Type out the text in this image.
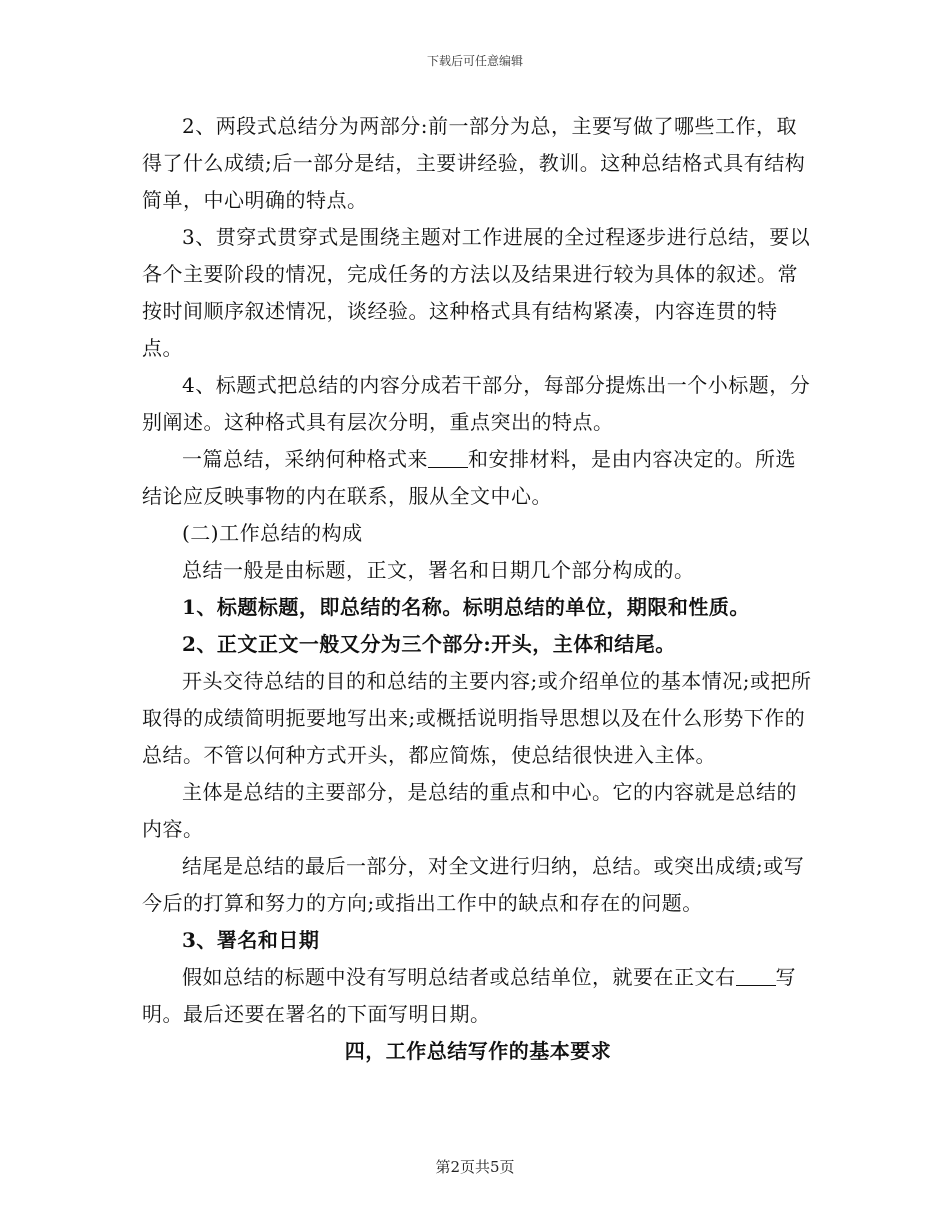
下载后可任意编辑

2、两段式总结分为两部分:前一部分为总，主要写做了哪些工作，取得了什么成绩;后一部分是结，主要讲经验，教训。这种总结格式具有结构简单，中心明确的特点。

3、贯穿式贯穿式是围绕主题对工作进展的全过程逐步进行总结，要以各个主要阶段的情况，完成任务的方法以及结果进行较为具体的叙述。常按时间顺序叙述情况，谈经验。这种格式具有结构紧凑，内容连贯的特点。

4、标题式把总结的内容分成若干部分，每部分提炼出一个小标题，分别阐述。这种格式具有层次分明，重点突出的特点。

一篇总结，采纳何种格式来 和安排材料，是由内容决定的。所选结论应反映事物的内在联系，服从全文中心。

(二)工作总结的构成

总结一般是由标题，正文，署名和日期几个部分构成的。

1、标题标题，即总结的名称。标明总结的单位，期限和性质。

2、正文正文一般又分为三个部分:开头，主体和结尾。

开头交待总结的目的和总结的主要内容;或介绍单位的基本情况;或把所取得的成绩简明扼要地写出来;或概括说明指导思想以及在什么形势下作的总结。不管以何种方式开头，都应简炼，使总结很快进入主体。

主体是总结的主要部分，是总结的重点和中心。它的内容就是总结的内容。

结尾是总结的最后一部分，对全文进行归纳，总结。或突出成绩;或写今后的打算和努力的方向;或指出工作中的缺点和存在的问题。

3、署名和日期

假如总结的标题中没有写明总结者或总结单位，就要在正文右 写明。最后还要在署名的下面写明日期。

四，工作总结写作的基本要求

第2页共5页
